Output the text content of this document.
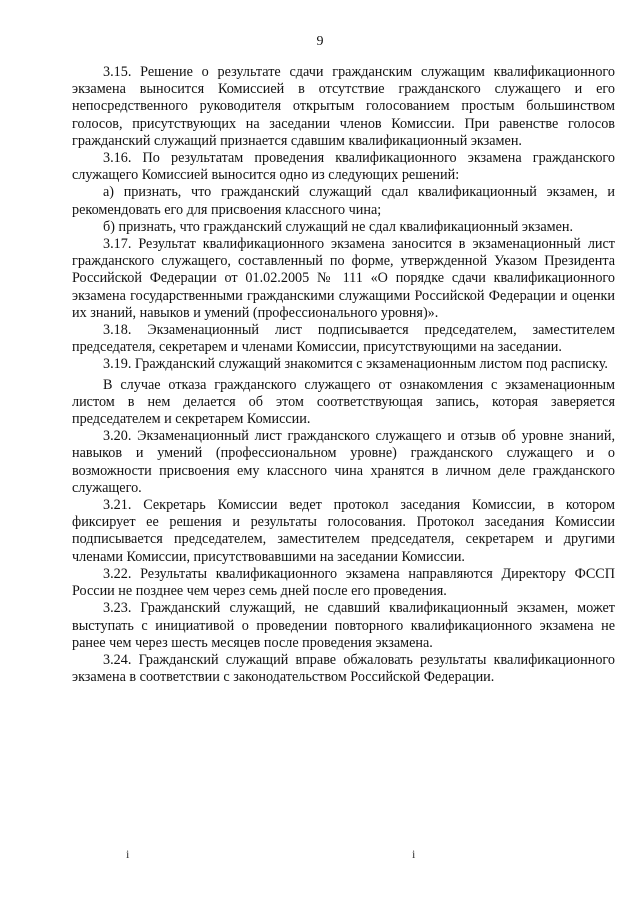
9

3.15. Решение о результате сдачи гражданским служащим квалификационного экзамена выносится Комиссией в отсутствие гражданского служащего и его непосредственного руководителя открытым голосованием простым большинством голосов, присутствующих на заседании членов Комиссии. При равенстве голосов гражданский служащий признается сдавшим квалификационный экзамен.

3.16. По результатам проведения квалификационного экзамена гражданского служащего Комиссией выносится одно из следующих решений:

а) признать, что гражданский служащий сдал квалификационный экзамен, и рекомендовать его для присвоения классного чина;

б) признать, что гражданский служащий не сдал квалификационный экзамен.

3.17. Результат квалификационного экзамена заносится в экзаменационный лист гражданского служащего, составленный по форме, утвержденной Указом Президента Российской Федерации от 01.02.2005 № 111 «О порядке сдачи квалификационного экзамена государственными гражданскими служащими Российской Федерации и оценки их знаний, навыков и умений (профессионального уровня)».

3.18. Экзаменационный лист подписывается председателем, заместителем председателя, секретарем и членами Комиссии, присутствующими на заседании.

3.19. Гражданский служащий знакомится с экзаменационным листом под расписку.

В случае отказа гражданского служащего от ознакомления с экзаменационным листом в нем делается об этом соответствующая запись, которая заверяется председателем и секретарем Комиссии.

3.20. Экзаменационный лист гражданского служащего и отзыв об уровне знаний, навыков и умений (профессиональном уровне) гражданского служащего и о возможности присвоения ему классного чина хранятся в личном деле гражданского служащего.

3.21. Секретарь Комиссии ведет протокол заседания Комиссии, в котором фиксирует ее решения и результаты голосования. Протокол заседания Комиссии подписывается председателем, заместителем председателя, секретарем и другими членами Комиссии, присутствовавшими на заседании Комиссии.

3.22. Результаты квалификационного экзамена направляются Директору ФССП России не позднее чем через семь дней после его проведения.

3.23. Гражданский служащий, не сдавший квалификационный экзамен, может выступать с инициативой о проведении повторного квалификационного экзамена не ранее чем через шесть месяцев после проведения экзамена.

3.24. Гражданский служащий вправе обжаловать результаты квалификационного экзамена в соответствии с законодательством Российской Федерации.

і	і
